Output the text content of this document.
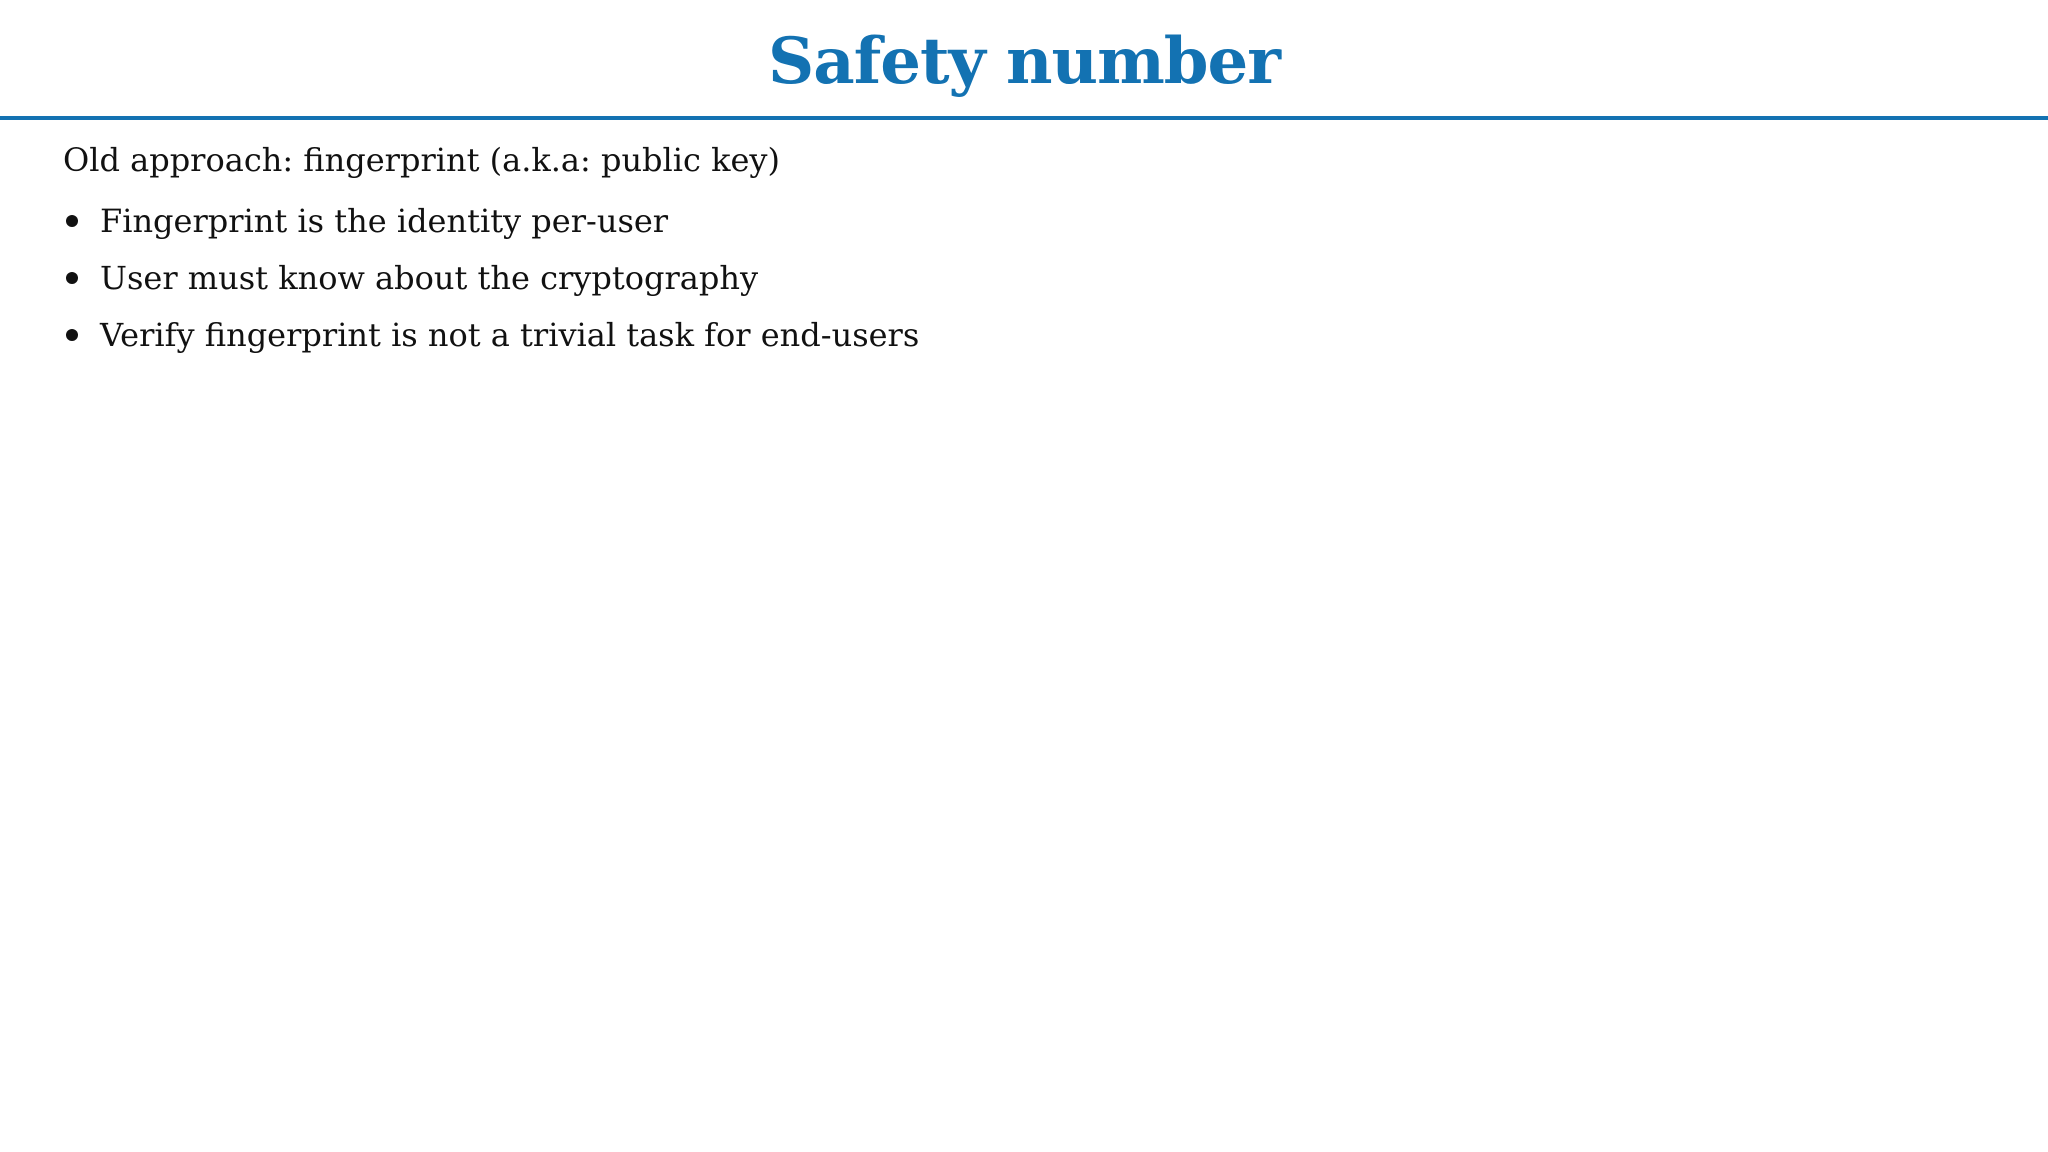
Safety number

Old approach: fingerprint (a.k.a: public key)

Fingerprint is the identity per-user
User must know about the cryptography
Verify fingerprint is not a trivial task for end-users
